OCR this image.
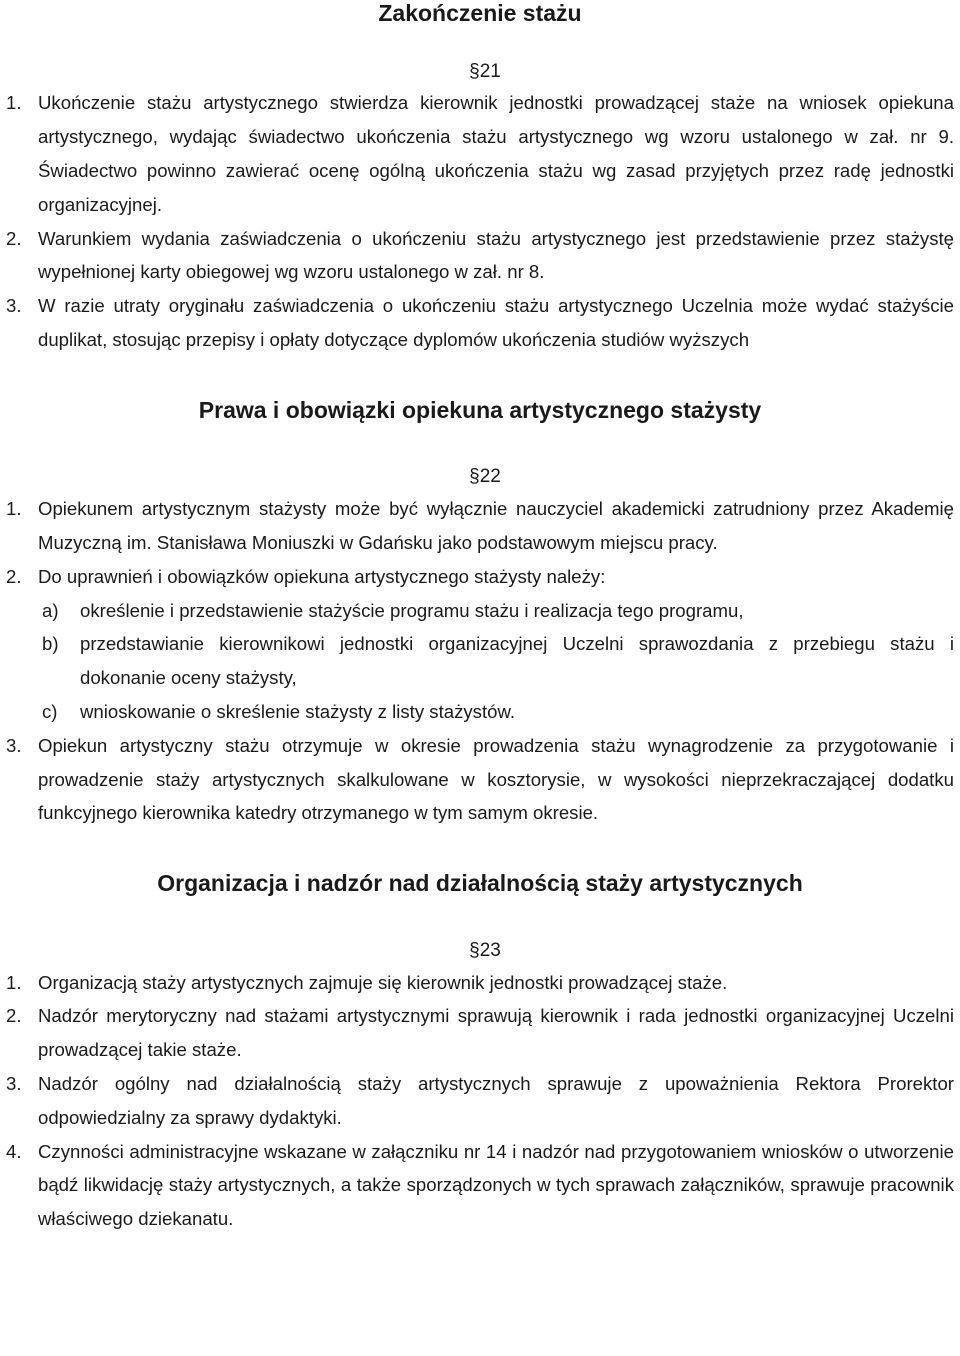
Zakończenie stażu

§21

1. Ukończenie stażu artystycznego stwierdza kierownik jednostki prowadzącej staże na wniosek opiekuna artystycznego, wydając świadectwo ukończenia stażu artystycznego wg wzoru ustalonego w zał. nr 9. Świadectwo powinno zawierać ocenę ogólną ukończenia stażu wg zasad przyjętych przez radę jednostki organizacyjnej.
2. Warunkiem wydania zaświadczenia o ukończeniu stażu artystycznego jest przedstawienie przez stażystę wypełnionej karty obiegowej wg wzoru ustalonego w zał. nr 8.
3. W razie utraty oryginału zaświadczenia o ukończeniu stażu artystycznego Uczelnia może wydać stażyście duplikat, stosując przepisy i opłaty dotyczące dyplomów ukończenia studiów wyższych
Prawa i obowiązki opiekuna artystycznego stażysty

§22

1. Opiekunem artystycznym stażysty może być wyłącznie nauczyciel akademicki zatrudniony przez Akademię Muzyczną im. Stanisława Moniuszki w Gdańsku jako podstawowym miejscu pracy.
2. Do uprawnień i obowiązków opiekuna artystycznego stażysty należy:
a) określenie i przedstawienie stażyście programu stażu i realizacja tego programu,
b) przedstawianie kierownikowi jednostki organizacyjnej Uczelni sprawozdania z przebiegu stażu i dokonanie oceny stażysty,
c) wnioskowanie o skreślenie stażysty z listy stażystów.
3. Opiekun artystyczny stażu otrzymuje w okresie prowadzenia stażu wynagrodzenie za przygotowanie i prowadzenie staży artystycznych skalkulowane w kosztorysie, w wysokości nieprzekraczającej dodatku funkcyjnego kierownika katedry otrzymanego w tym samym okresie.
Organizacja i nadzór nad działalnością staży artystycznych

§23

1. Organizacją staży artystycznych zajmuje się kierownik jednostki prowadzącej staże.
2. Nadzór merytoryczny nad stażami artystycznymi sprawują kierownik i rada jednostki organizacyjnej Uczelni prowadzącej takie staże.
3. Nadzór ogólny nad działalnością staży artystycznych sprawuje z upoważnienia Rektora Prorektor odpowiedzialny za sprawy dydaktyki.
4. Czynności administracyjne wskazane w załączniku nr 14 i nadzór nad przygotowaniem wniosków o utworzenie bądź likwidację staży artystycznych, a także sporządzonych w tych sprawach załączników, sprawuje pracownik właściwego dziekanatu.
